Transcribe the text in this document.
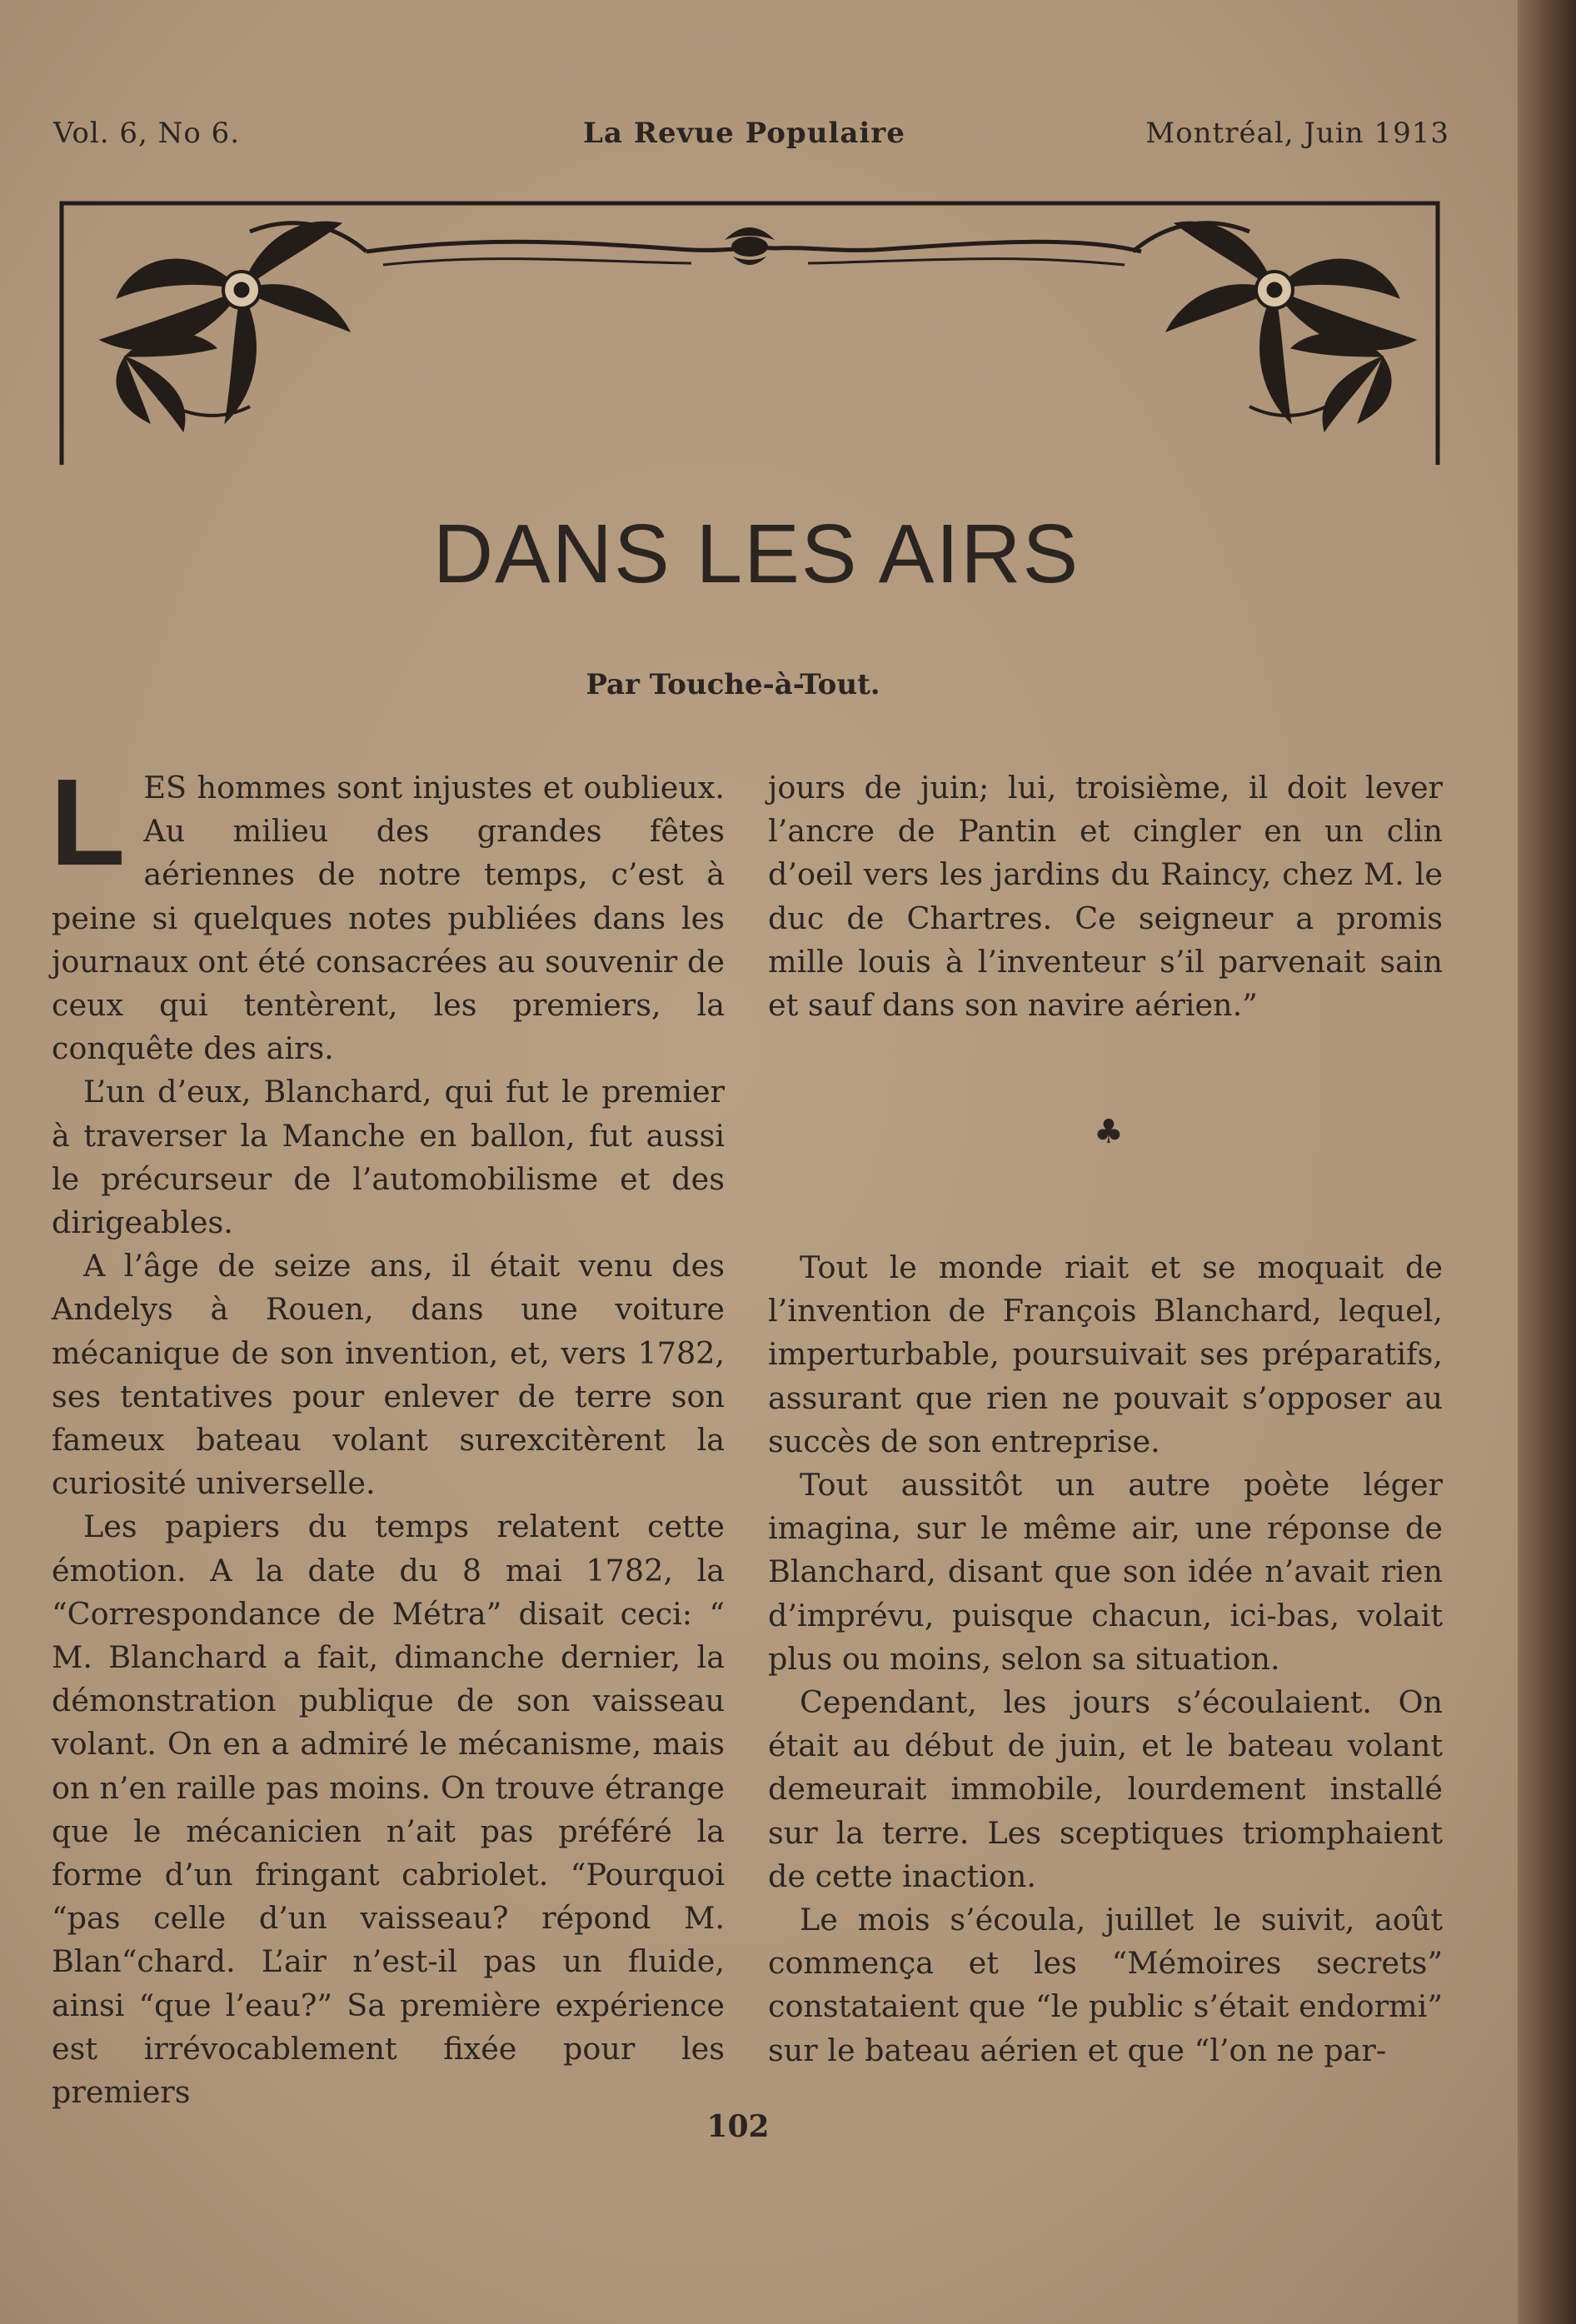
Vol. 6, No 6.	La Revue Populaire	Montréal, Juin 1913
DANS LES AIRS
Par Touche-à-Tout.

LES hommes sont injustes et oublieux. Au milieu des grandes fêtes aériennes de notre temps, c’est à peine si quelques notes publiées dans les journaux ont été consacrées au souvenir de ceux qui tentèrent, les premiers, la conquête des airs.

L’un d’eux, Blanchard, qui fut le premier à traverser la Manche en ballon, fut aussi le précurseur de l’automobilisme et des dirigeables.

A l’âge de seize ans, il était venu des Andelys à Rouen, dans une voiture mécanique de son invention, et, vers 1782, ses tentatives pour enlever de terre son fameux bateau volant surexcitèrent la curiosité universelle.

Les papiers du temps relatent cette émotion. A la date du 8 mai 1782, la “Correspondance de Métra” disait ceci: “ M. Blanchard a fait, dimanche dernier, la démonstration publique de son vaisseau volant. On en a admiré le mécanisme, mais on n’en raille pas moins. On trouve étrange que le mécanicien n’ait pas préféré la forme d’un fringant cabriolet. “Pourquoi “pas celle d’un vaisseau? répond M. Blan“chard. L’air n’est-il pas un fluide, ainsi “que l’eau?” Sa première expérience est irrévocablement fixée pour les premiers

jours de juin; lui, troisième, il doit lever l’ancre de Pantin et cingler en un clin d’oeil vers les jardins du Raincy, chez M. le duc de Chartres. Ce seigneur a promis mille louis à l’inventeur s’il parvenait sain et sauf dans son navire aérien.”

♣

Tout le monde riait et se moquait de l’invention de François Blanchard, lequel, imperturbable, poursuivait ses préparatifs, assurant que rien ne pouvait s’opposer au succès de son entreprise.

Tout aussitôt un autre poète léger imagina, sur le même air, une réponse de Blanchard, disant que son idée n’avait rien d’imprévu, puisque chacun, ici-bas, volait plus ou moins, selon sa situation.

Cependant, les jours s’écoulaient. On était au début de juin, et le bateau volant demeurait immobile, lourdement installé sur la terre. Les sceptiques triomphaient de cette inaction.

Le mois s’écoula, juillet le suivit, août commença et les “Mémoires secrets” constataient que “le public s’était endormi” sur le bateau aérien et que “l’on ne par-

102
